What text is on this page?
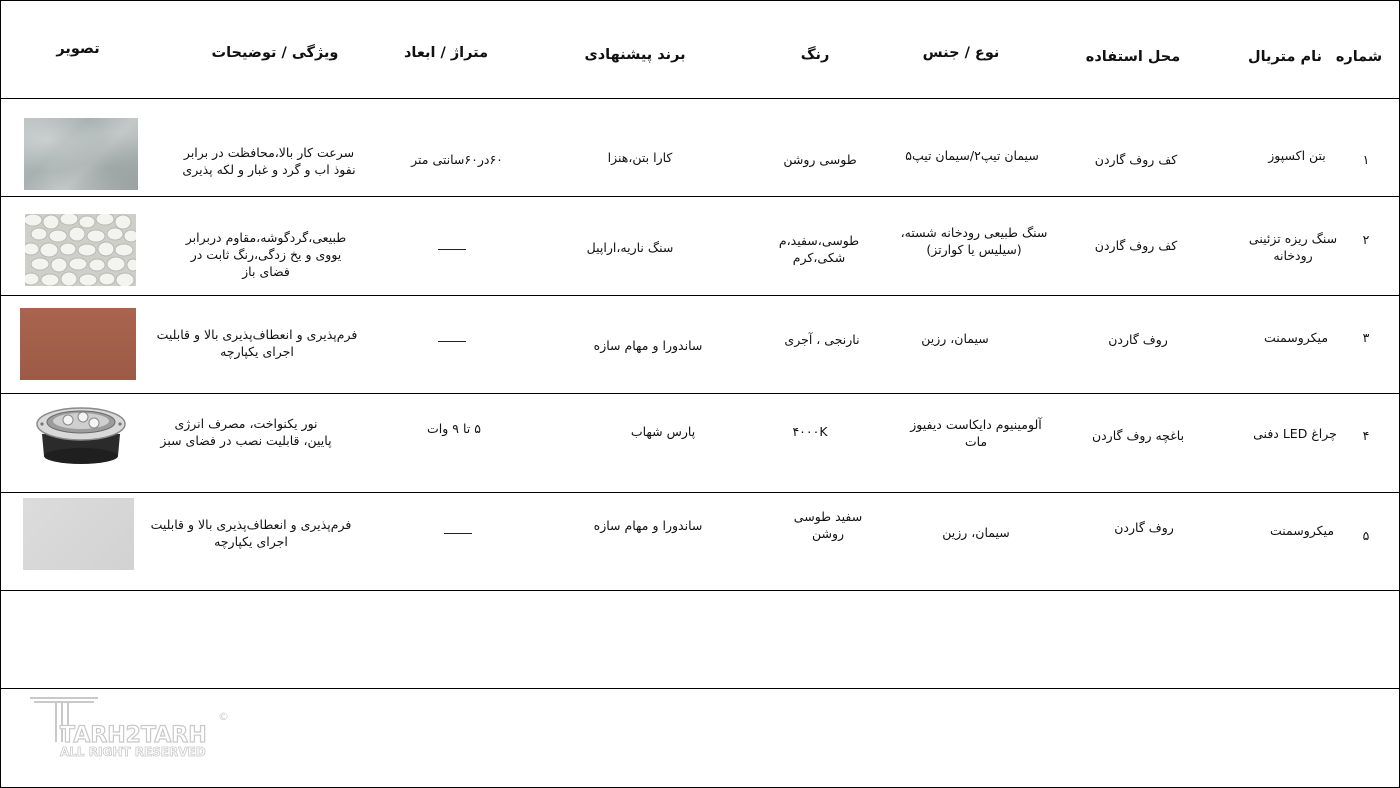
شماره
نام متریال
محل استفاده
نوع / جنس
رنگ
برند پیشنهادی
متراژ / ابعاد
ویژگی / توضیحات
تصویر
۱
بتن اکسپوز
کف روف گاردن
سیمان تیپ۲/سیمان تیپ۵
طوسی روشن
کارا بتن،هنزا
۶۰در۶۰سانتی متر
سرعت کار بالا،محافظت در برابر نفوذ اب و گرد و غبار و لکه پذیری
۲
سنگ ریزه تزئینی رودخانه
کف روف گاردن
سنگ طبیعی رودخانه شسته،(سیلیس یا کوارتز)
طوسی،سفید،م شکی،کرم
سنگ ناریه،اراپیل
طبیعی،گردگوشه،مقاوم دربرابر یووی و یخ زدگی،رنگ ثابت در فضای باز
۳
میکروسمنت
روف گاردن
سیمان، رزین
نارنجی ، آجری
ساندورا و مهام سازه
فرم‌پذیری و انعطاف‌پذیری بالا و قابلیت اجرای یکپارچه
۴
چراغ LED دفنی
باغچه روف گاردن
آلومینیوم دایکاست دیفیوز مات
۴۰۰۰K
پارس شهاب
۵ تا ۹ وات
نور یکنواخت، مصرف انرژی پایین، قابلیت نصب در فضای سبز
۵
میکروسمنت
روف گاردن
سیمان، رزین
سفید طوسی روشن
ساندورا و مهام سازه
فرم‌پذیری و انعطاف‌پذیری بالا و قابلیت اجرای یکپارچه
TARH2TARH
©
ALL RIGHT RESERVED
